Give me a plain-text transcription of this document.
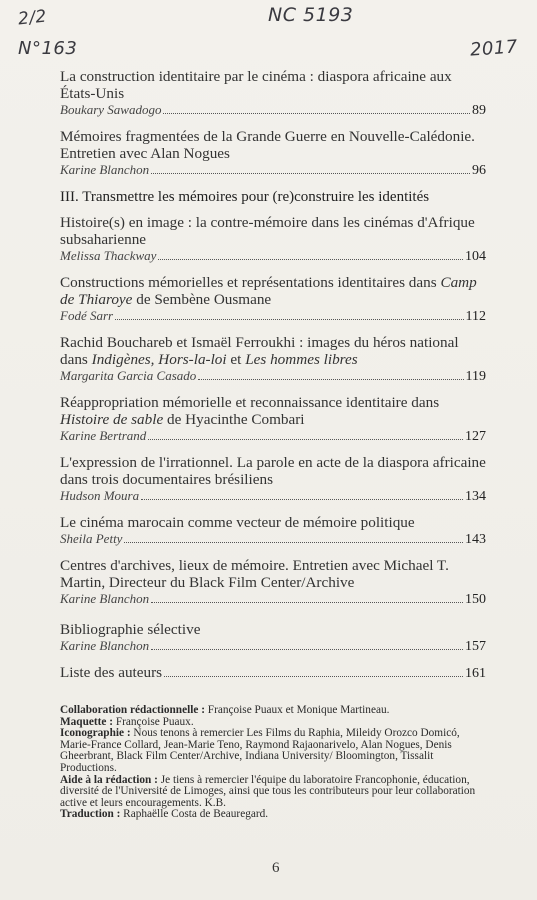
2/2	NC 5193
N°163	2017
La construction identitaire par le cinéma : diaspora africaine aux États-Unis
Boukary Sawadogo	89
Mémoires fragmentées de la Grande Guerre en Nouvelle-Calédonie. Entretien avec Alan Nogues
Karine Blanchon	96
III. Transmettre les mémoires pour (re)construire les identités
Histoire(s) en image : la contre-mémoire dans les cinémas d'Afrique subsaharienne
Melissa Thackway	104
Constructions mémorielles et représentations identitaires dans Camp de Thiaroye de Sembène Ousmane
Fodé Sarr	112
Rachid Bouchareb et Ismaël Ferroukhi : images du héros national dans Indigènes, Hors-la-loi et Les hommes libres
Margarita Garcia Casado	119
Réappropriation mémorielle et reconnaissance identitaire dans Histoire de sable de Hyacinthe Combari
Karine Bertrand	127
L'expression de l'irrationnel. La parole en acte de la diaspora africaine dans trois documentaires brésiliens
Hudson Moura	134
Le cinéma marocain comme vecteur de mémoire politique
Sheila Petty	143
Centres d'archives, lieux de mémoire. Entretien avec Michael T. Martin, Directeur du Black Film Center/Archive
Karine Blanchon	150
Bibliographie sélective
Karine Blanchon	157
Liste des auteurs	161

Collaboration rédactionnelle : Françoise Puaux et Monique Martineau.

Maquette : Françoise Puaux.

Iconographie : Nous tenons à remercier Les Films du Raphia, Mileidy Orozco Domicó, Marie-France Collard, Jean-Marie Teno, Raymond Rajaonarivelo, Alan Nogues, Denis Gheerbrant, Black Film Center/Archive, Indiana University/ Bloomington, Tissalit Productions.

Aide à la rédaction : Je tiens à remercier l'équipe du laboratoire Francophonie, éducation, diversité de l'Université de Limoges, ainsi que tous les contributeurs pour leur collaboration active et leurs encouragements. K.B.

Traduction : Raphaëlle Costa de Beauregard.

6
